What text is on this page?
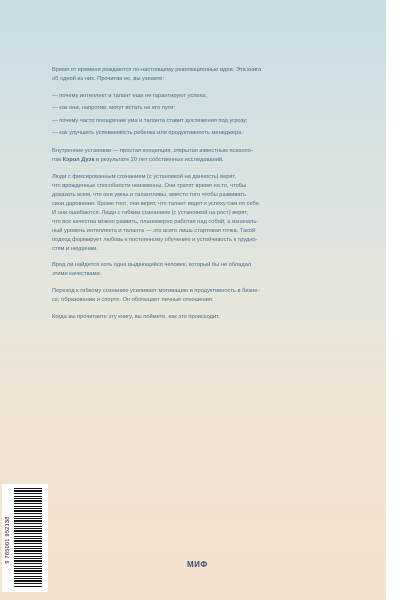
Время от времени рождаются по-настоящему революционные идеи. Эта книга

об одной из них. Прочитав ее, вы узнаете:

— почему интеллект и талант еще не гарантируют успеха;

— как они, напротив, могут встать на его пути;

— почему часто поощрение ума и таланта ставит достижения под угрозу;

— как улучшить успеваемость ребенка или продуктивность менеджера.

Внутренние установки — простая концепция, открытая известным психоло-

гом Кэрол Дуэк в результате 20 лет собственных исследований.

Люди с фиксированным сознанием (с установкой на данность) верят,

что врожденные способности неизменны. Они тратят время на то, чтобы

доказать всем, что они умны и талантливы, вместо того чтобы развивать

свои дарования. Кроме того, они верят, что талант ведет к успеху сам по себе.

И они ошибаются. Люди с гибким сознанием (с установкой на рост) верят,

что все качества можно развить, планомерно работая над собой, а изначаль-

ный уровень интеллекта и таланта — это всего лишь стартовая точка. Такой

подход формирует любовь к постоянному обучению и устойчивость к трудно-

стям и неудачам.

Вряд ли найдется хоть одна выдающийся человек, который бы не обладал

этими качествами.

Переход к гибкому сознанию усиливает мотивацию и продуктивность в бизне-

се, образовании и спорте. Он обогащает личные отношения.

Когда вы прочитаете эту книгу, вы поймете, как это происходит.

9 785001 952138
МИФ
